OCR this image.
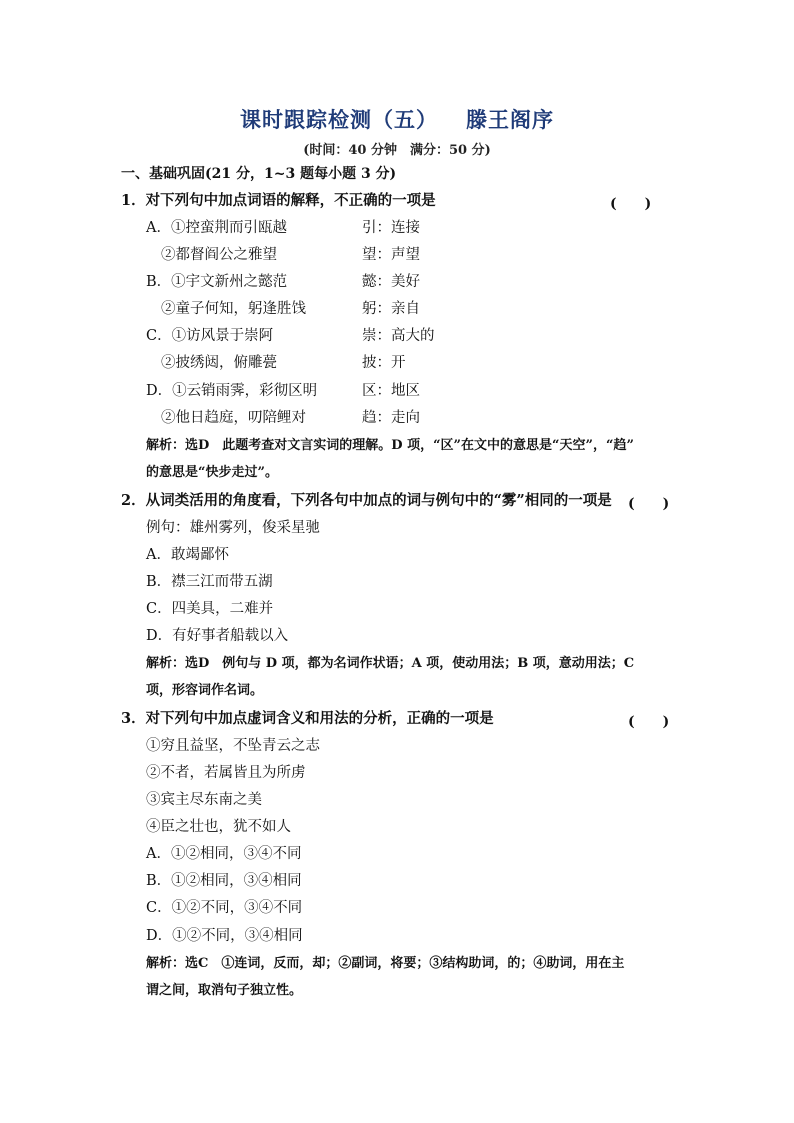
课时跟踪检测（五） 滕王阁序
(时间：40 分钟　满分：50 分)
一、基础巩固(21 分，1~3 题每小题 3 分)
1．对下列句中加点词语的解释，不正确的一项是	(　　)
A．①控蛮荆而引瓯越	引：连接
②都督阎公之雅望	望：声望
B．①宇文新州之懿范	懿：美好
②童子何知，躬逢胜饯	躬：亲自
C．①访风景于崇阿	崇：高大的
②披绣闼，俯雕甍	披：开
D．①云销雨霁，彩彻区明	区：地区
②他日趋庭，叨陪鲤对	趋：走向
解析：选D　此题考查对文言实词的理解。D 项，“区”在文中的意思是“天空”，“趋”
的意思是“快步走过”。
2．从词类活用的角度看，下列各句中加点的词与例句中的“雾”相同的一项是 (　　)
例句：雄州雾列，俊采星驰
A．敢竭鄙怀
B．襟三江而带五湖
C．四美具，二难并
D．有好事者船载以入
解析：选D　例句与 D 项，都为名词作状语；A 项，使动用法；B 项，意动用法；C
项，形容词作名词。
3．对下列句中加点虚词含义和用法的分析，正确的一项是	(　　)
①穷且益坚，不坠青云之志
②不者，若属皆且为所虏
③宾主尽东南之美
④臣之壮也，犹不如人
A．①②相同，③④不同
B．①②相同，③④相同
C．①②不同，③④不同
D．①②不同，③④相同
解析：选C　①连词，反而，却；②副词，将要；③结构助词，的；④助词，用在主
谓之间，取消句子独立性。
